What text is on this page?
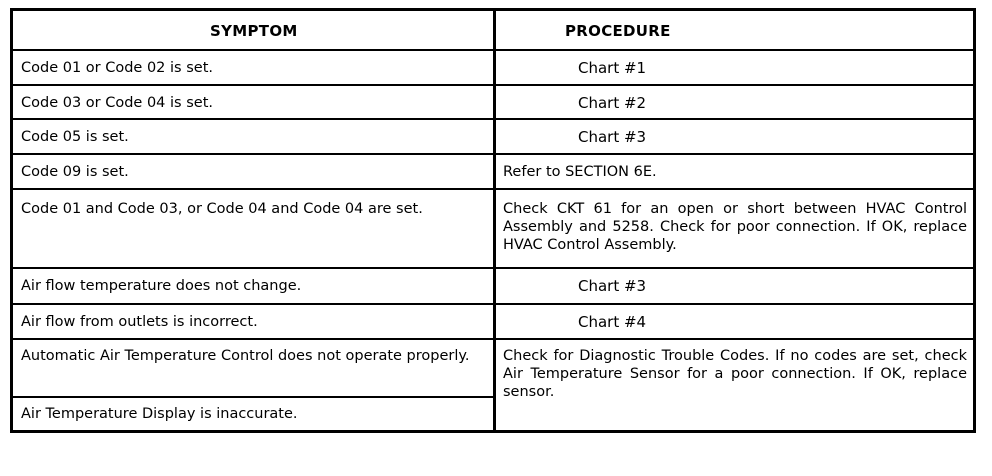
SYMPTOM	PROCEDURE
Code 01 or Code 02 is set.	Chart #1
Code 03 or Code 04 is set.	Chart #2
Code 05 is set.	Chart #3
Code 09 is set.	Refer to SECTION 6E.
Code 01 and Code 03, or Code 04 and Code 04 are set.	Check CKT 61 for an open or short between HVAC Control Assembly and 5258. Check for poor connection. If OK, replace HVAC Control Assembly.
Air flow temperature does not change.	Chart #3
Air flow from outlets is incorrect.	Chart #4
Automatic Air Temperature Control does not operate properly.	Check for Diagnostic Trouble Codes. If no codes are set, check Air Temperature Sensor for a poor connection. If OK, replace sensor.
Air Temperature Display is inaccurate.
